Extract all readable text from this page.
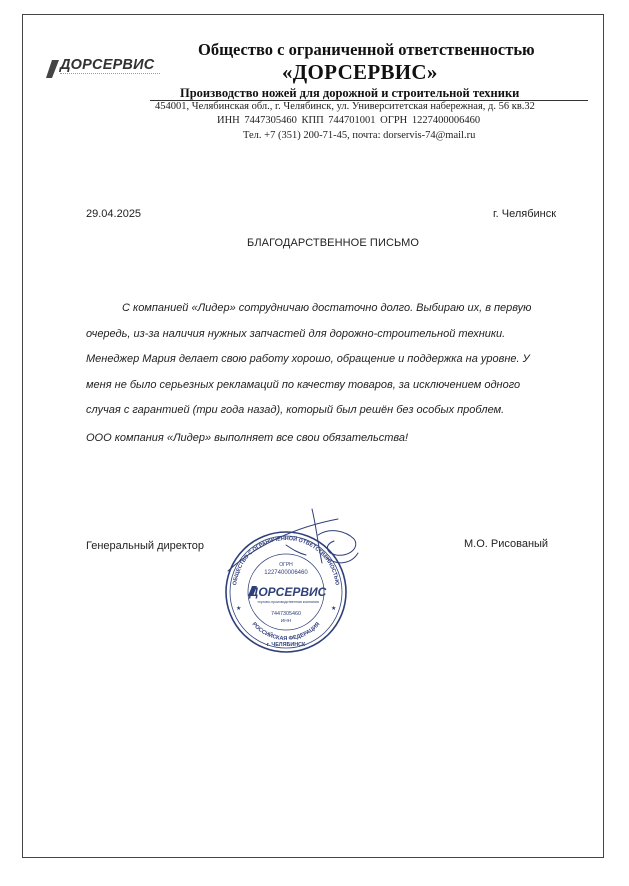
ДОРСЕРВИС
Общество с ограниченной ответственностью
«ДОРСЕРВИС»
Производство ножей для дорожной и строительной техники
454001, Челябинская обл., г. Челябинск, ул. Университетская набережная, д. 56 кв.32
ИНН 7447305460 КПП 744701001 ОГРН 1227400006460
Тел. +7 (351) 200-71-45, почта: dorservis-74@mail.ru
29.04.2025	г. Челябинск
БЛАГОДАРСТВЕННОЕ ПИСЬМО
С компанией «Лидер» сотрудничаю достаточно долго. Выбираю их, в первую
очередь, из-за наличия нужных запчастей для дорожно-строительной техники.
Менеджер Мария делает свою работу хорошо, обращение и поддержка на уровне. У
меня не было серьезных рекламаций по качеству товаров, за исключением одного
случая с гарантией (три года назад), который был решён без особых проблем.
ООО компания «Лидер» выполняет все свои обязательства!
Генеральный директор	М.О. Рисованый
ОБЩЕСТВО С ОГРАНИЧЕННОЙ ОТВЕТСТВЕННОСТЬЮ
РОССИЙСКАЯ ФЕДЕРАЦИЯ
ОГРН
1227400006460
ДОРСЕРВИС
торгово-производственная компания
7447305460
ИНН
г. ЧЕЛЯБИНСК
★	★
